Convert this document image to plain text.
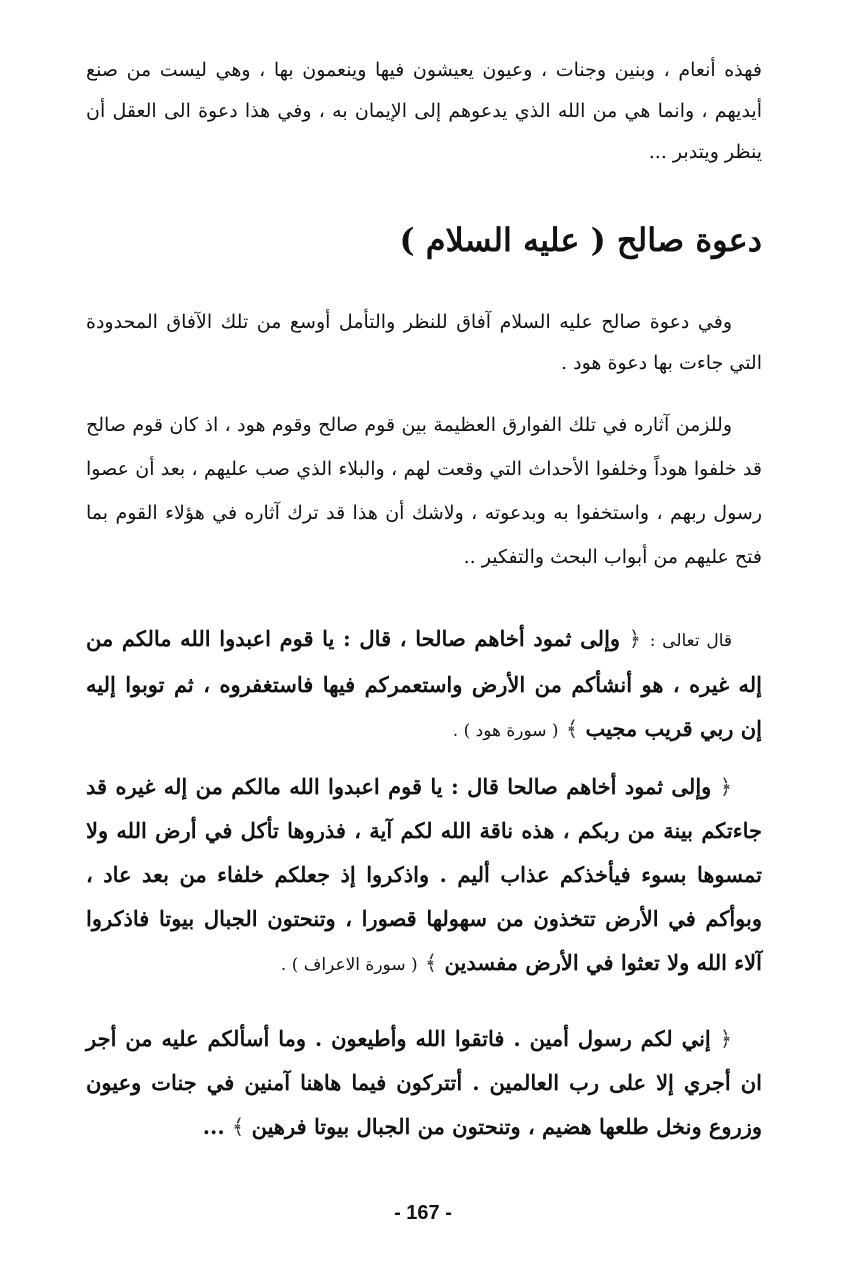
فهذه أنعام ، وبنين وجنات ، وعيون يعيشون فيها وينعمون بها ، وهي ليست من صنع أيديهم ، وانما هي من الله الذي يدعوهم إلى الإيمان به ، وفي هذا دعوة الى العقل أن ينظر ويتدبر ...

دعوة صالح ( عليه السلام )

وفي دعوة صالح عليه السلام آفاق للنظر والتأمل أوسع من تلك الآفاق المحدودة التي جاءت بها دعوة هود .

وللزمن آثاره في تلك الفوارق العظيمة بين قوم صالح وقوم هود ، اذ كان قوم صالح قد خلفوا هوداً وخلفوا الأحداث التي وقعت لهم ، والبلاء الذي صب عليهم ، بعد أن عصوا رسول ربهم ، واستخفوا به وبدعوته ، ولاشك أن هذا قد ترك آثاره في هؤلاء القوم بما فتح عليهم من أبواب البحث والتفكير ..

قال تعالى : ﴿ وإلى ثمود أخاهم صالحا ، قال : يا قوم اعبدوا الله مالكم من إله غيره ، هو أنشأكم من الأرض واستعمركم فيها فاستغفروه ، ثم توبوا إليه إن ربي قريب مجيب ﴾ ( سورة هود ) .

﴿ وإلى ثمود أخاهم صالحا قال : يا قوم اعبدوا الله مالكم من إله غيره قد جاءتكم بينة من ربكم ، هذه ناقة الله لكم آية ، فذروها تأكل في أرض الله ولا تمسوها بسوء فيأخذكم عذاب أليم . واذكروا إذ جعلكم خلفاء من بعد عاد ، وبوأكم في الأرض تتخذون من سهولها قصورا ، وتنحتون الجبال بيوتا فاذكروا آلاء الله ولا تعثوا في الأرض مفسدين ﴾ ( سورة الاعراف ) .

﴿ إني لكم رسول أمين . فاتقوا الله وأطيعون . وما أسألكم عليه من أجر ان أجري إلا على رب العالمين . أتتركون فيما هاهنا آمنين في جنات وعيون وزروع ونخل طلعها هضيم ، وتنحتون من الجبال بيوتا فرهين ﴾ ...

- 167 -
